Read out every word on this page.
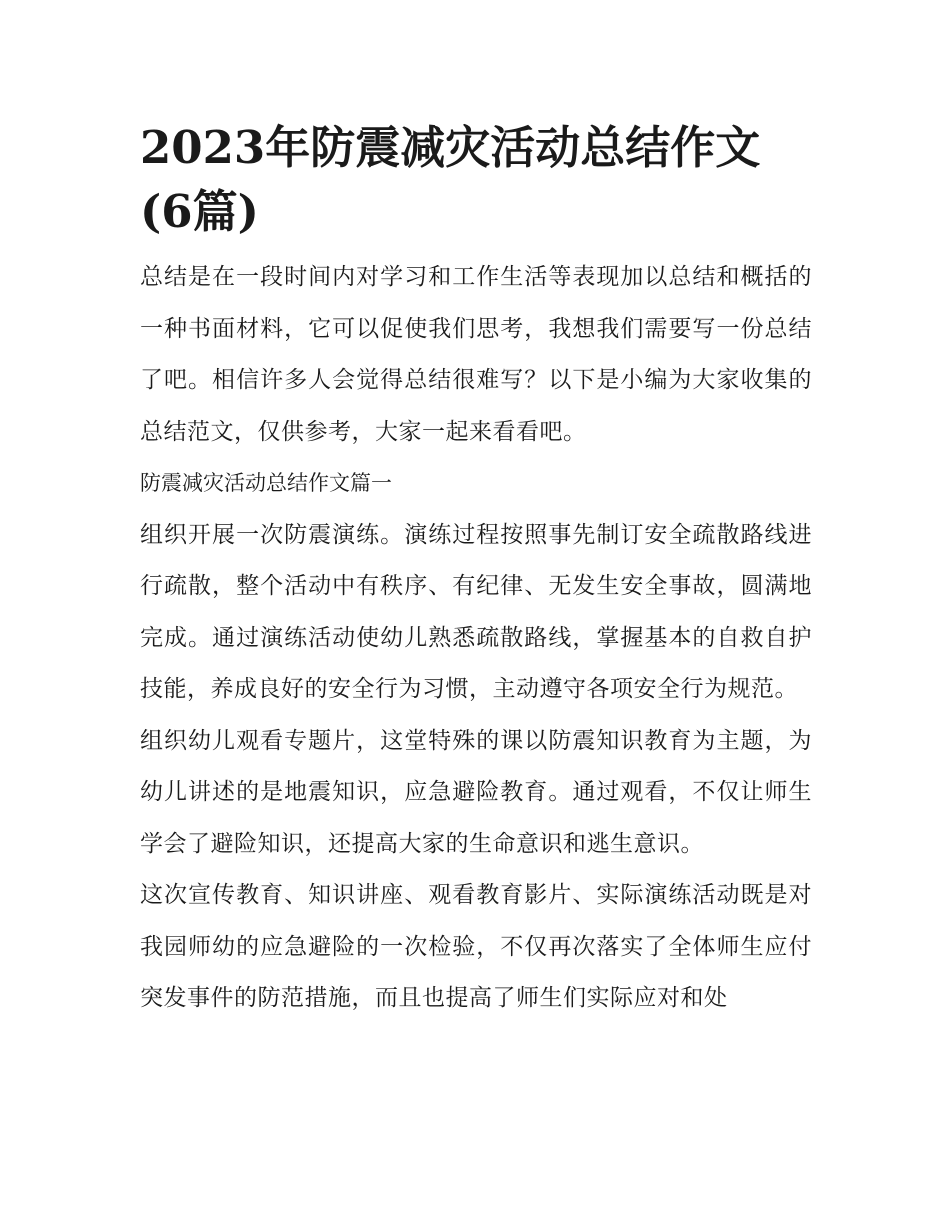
2023年防震减灾活动总结作文(6篇)

总结是在一段时间内对学习和工作生活等表现加以总结和概括的一种书面材料，它可以促使我们思考，我想我们需要写一份总结了吧。相信许多人会觉得总结很难写？以下是小编为大家收集的总结范文，仅供参考，大家一起来看看吧。

防震减灾活动总结作文篇一

组织开展一次防震演练。演练过程按照事先制订安全疏散路线进行疏散，整个活动中有秩序、有纪律、无发生安全事故，圆满地完成。通过演练活动使幼儿熟悉疏散路线，掌握基本的自救自护技能，养成良好的安全行为习惯，主动遵守各项安全行为规范。

组织幼儿观看专题片，这堂特殊的课以防震知识教育为主题，为幼儿讲述的是地震知识，应急避险教育。通过观看，不仅让师生学会了避险知识，还提高大家的生命意识和逃生意识。

这次宣传教育、知识讲座、观看教育影片、实际演练活动既是对我园师幼的应急避险的一次检验，不仅再次落实了全体师生应付突发事件的防范措施，而且也提高了师生们实际应对和处
